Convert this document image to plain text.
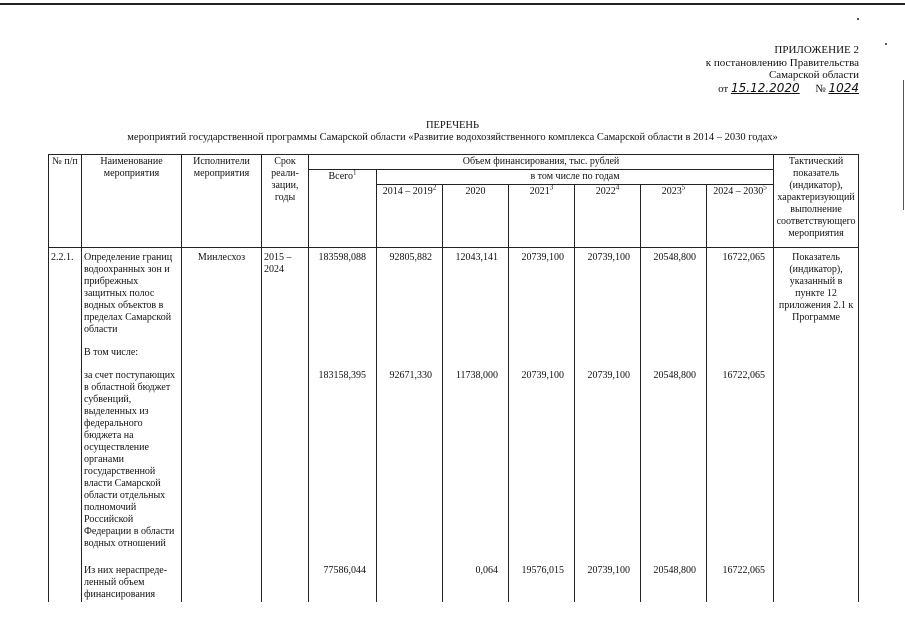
ПРИЛОЖЕНИЕ 2
к постановлению Правительства
Самарской области
от 15.12.2020 № 1024
ПЕРЕЧЕНЬ
мероприятий государственной программы Самарской области «Развитие водохозяйственного комплекса Самарской области в 2014 – 2030 годах»
№ п/п	Наименование мероприятия	Исполнители мероприятия	Срок реали-зации, годы	Объем финансирования, тыс. рублей							Тактический показатель (индикатор), характеризующий выполнение соответствующего мероприятия
				Всего$^1$	в том числе по годам						
					2014 – 2019$^2$	2020	2021$^3$	2022$^4$	2023$^5$	2024 – 2030$^5$
2.2.1.	Определение границ водоохранных зон и прибрежных защитных полос водных объектов в пределах Самарской области	Минлесхоз	2015 – 2024	183598,088	92805,882	12043,141	20739,100	20739,100	20548,800	16722,065	Показатель (индикатор), указанный в пункте 12 приложения 2.1 к Программе
	В том числе:										
	за счет поступающих в областной бюджет субвенций, выделенных из федерального бюджета на осуществление органами государственной власти Самарской области отдельных полномочий Российской Федерации в области водных отношений			183158,395	92671,330	11738,000	20739,100	20739,100	20548,800	16722,065	
	Из них нераспреде-ленный объем финансирования			77586,044		0,064	19576,015	20739,100	20548,800	16722,065	
